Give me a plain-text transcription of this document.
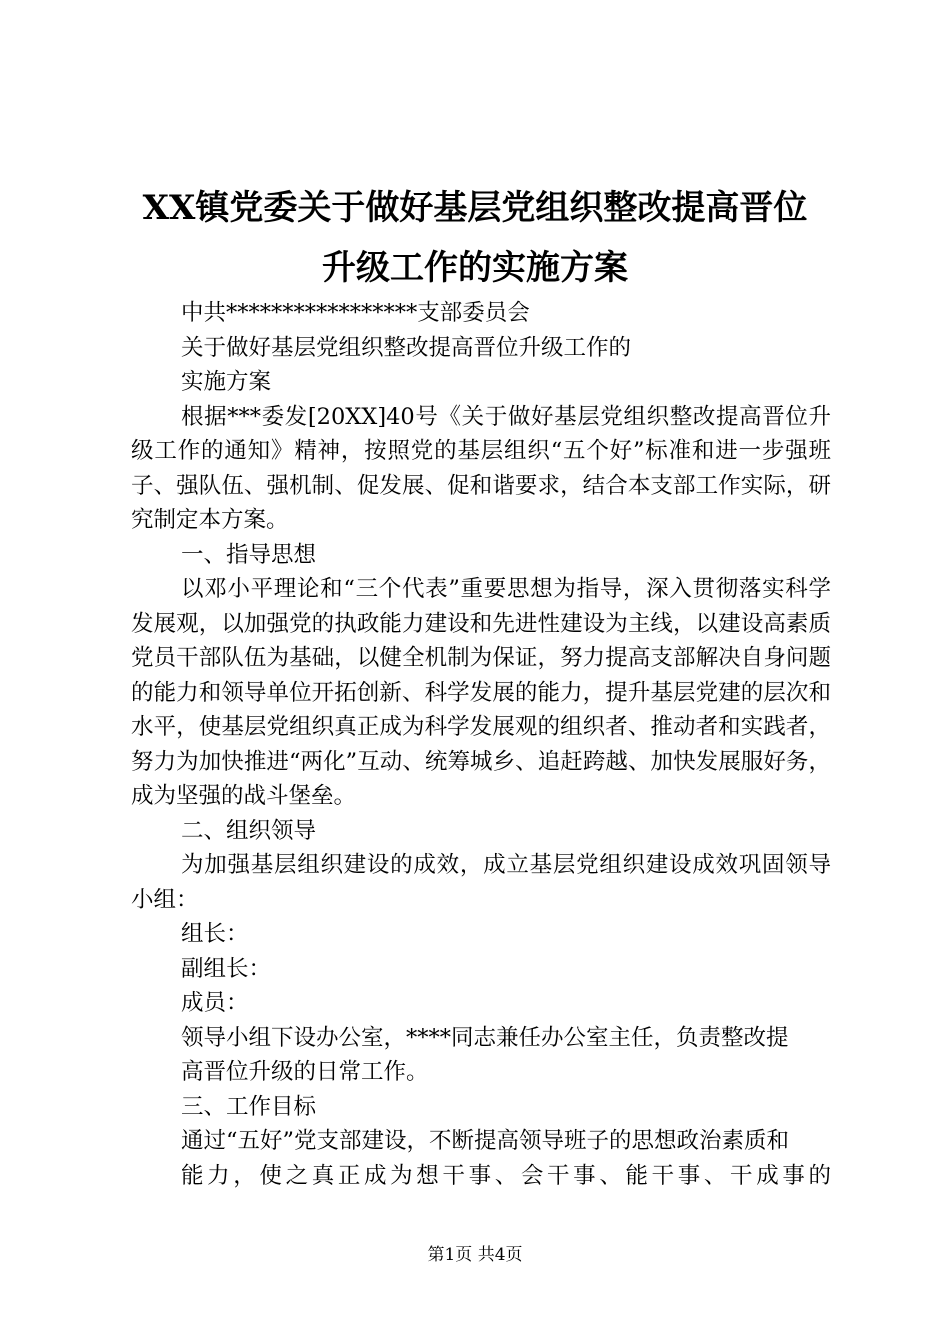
XX镇党委关于做好基层党组织整改提高晋位
升级工作的实施方案

中共*****************支部委员会

关于做好基层党组织整改提高晋位升级工作的

实施方案

根据***委发[20XX]40号《关于做好基层党组织整改提高晋位升级工作的通知》精神，按照党的基层组织“五个好”标准和进一步强班子、强队伍、强机制、促发展、促和谐要求，结合本支部工作实际，研究制定本方案。

一、指导思想

以邓小平理论和“三个代表”重要思想为指导，深入贯彻落实科学发展观，以加强党的执政能力建设和先进性建设为主线，以建设高素质党员干部队伍为基础，以健全机制为保证，努力提高支部解决自身问题的能力和领导单位开拓创新、科学发展的能力，提升基层党建的层次和水平，使基层党组织真正成为科学发展观的组织者、推动者和实践者，努力为加快推进“两化”互动、统筹城乡、追赶跨越、加快发展服好务，成为坚强的战斗堡垒。

二、组织领导

为加强基层组织建设的成效，成立基层党组织建设成效巩固领导小组：

组长：

副组长：

成员：

领导小组下设办公室，****同志兼任办公室主任，负责整改提

高晋位升级的日常工作。

三、工作目标

通过“五好”党支部建设，不断提高领导班子的思想政治素质和

能力，使之真正成为想干事、会干事、能干事、干成事的

第1页 共4页
